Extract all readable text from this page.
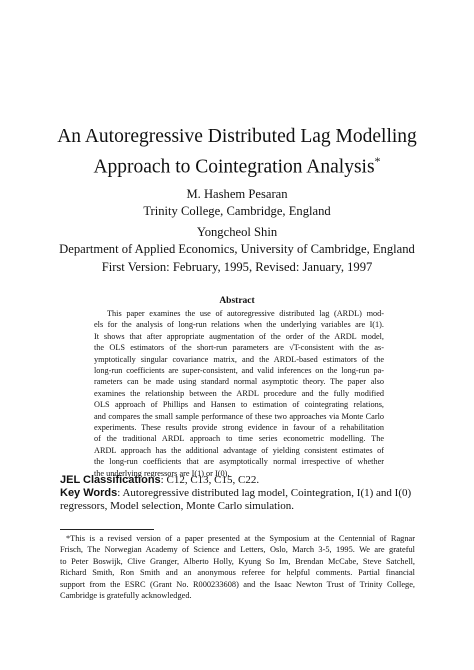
An Autoregressive Distributed Lag Modelling
Approach to Cointegration Analysis*
M. Hashem Pesaran
Trinity College, Cambridge, England
Yongcheol Shin
Department of Applied Economics, University of Cambridge, England
First Version: February, 1995, Revised: January, 1997
Abstract

This paper examines the use of autoregressive distributed lag (ARDL) mod-
els for the analysis of long-run relations when the underlying variables are I(1).
It shows that after appropriate augmentation of the order of the ARDL model,
the OLS estimators of the short-run parameters are √T-consistent with the as-
ymptotically singular covariance matrix, and the ARDL-based estimators of the
long-run coefficients are super-consistent, and valid inferences on the long-run pa-
rameters can be made using standard normal asymptotic theory. The paper also
examines the relationship between the ARDL procedure and the fully modified
OLS approach of Phillips and Hansen to estimation of cointegrating relations,
and compares the small sample performance of these two approaches via Monte Carlo
experiments. These results provide strong evidence in favour of a rehabilitation
of the traditional ARDL approach to time series econometric modelling. The
ARDL approach has the additional advantage of yielding consistent estimates of
the long-run coefficients that are asymptotically normal irrespective of whether
the underlying regressors are I(1) or I(0).

JEL Classifications: C12, C13, C15, C22.
Key Words: Autoregressive distributed lag model, Cointegration, I(1) and I(0)
regressors, Model selection, Monte Carlo simulation.

*This is a revised version of a paper presented at the Symposium at the Centennial of Ragnar
Frisch, The Norwegian Academy of Science and Letters, Oslo, March 3-5, 1995. We are grateful
to Peter Boswijk, Clive Granger, Alberto Holly, Kyung So Im, Brendan McCabe, Steve Satchell,
Richard Smith, Ron Smith and an anonymous referee for helpful comments. Partial financial
support from the ESRC (Grant No. R000233608) and the Isaac Newton Trust of Trinity College,
Cambridge is gratefully acknowledged.
